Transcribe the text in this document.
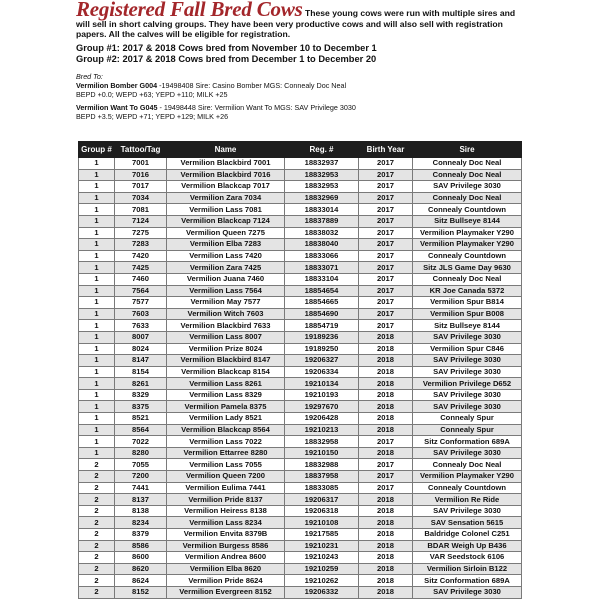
Registered Fall Bred Cows These young cows were run with multiple sires and will sell in short calving groups. They have been very productive cows and will also sell with registration papers. All the calves will be eligible for registration.
Group #1: 2017 & 2018 Cows bred from November 10 to December 1
Group #2: 2017 & 2018 Cows bred from December 1 to December 20
Bred To:
Vermilion Bomber G004 -19498408 Sire: Casino Bomber MGS: Connealy Doc Neal
BEPD +0.0; WEPD +63; YEPD +110; MILK +25
Vermilion Want To G045 - 19498448 Sire: Vermilion Want To MGS: SAV Privilege 3030
BEPD +3.5; WEPD +71; YEPD +129; MILK +26
Group #	Tattoo/Tag	Name	Reg. #	Birth Year	Sire
1	7001	Vermilion Blackbird 7001	18832937	2017	Connealy Doc Neal
1	7016	Vermilion Blackbird 7016	18832953	2017	Connealy Doc Neal
1	7017	Vermilion Blackcap 7017	18832953	2017	SAV Privilege 3030
1	7034	Vermilion Zara 7034	18832969	2017	Connealy Doc Neal
1	7081	Vermilion Lass 7081	18833014	2017	Connealy Countdown
1	7124	Vermilion Blackcap 7124	18837889	2017	Sitz Bullseye 8144
1	7275	Vermilion Queen 7275	18838032	2017	Vermilion Playmaker Y290
1	7283	Vermilion Elba 7283	18838040	2017	Vermilion Playmaker Y290
1	7420	Vermilion Lass 7420	18833066	2017	Connealy Countdown
1	7425	Vermilion Zara 7425	18833071	2017	Sitz JLS Game Day 9630
1	7460	Vermilion Juana 7460	18833104	2017	Connealy Doc Neal
1	7564	Vermilion Lass 7564	18854654	2017	KR Joe Canada 5372
1	7577	Vermilion May 7577	18854665	2017	Vermilion Spur B814
1	7603	Vermilion Witch 7603	18854690	2017	Vermilion Spur B008
1	7633	Vermilion Blackbird 7633	18854719	2017	Sitz Bullseye 8144
1	8007	Vermilion Lass 8007	19189236	2018	SAV Privilege 3030
1	8024	Vermilion Prize 8024	19189250	2018	Vermilion Spur C846
1	8147	Vermilion Blackbird 8147	19206327	2018	SAV Privilege 3030
1	8154	Vermilion Blackcap 8154	19206334	2018	SAV Privilege 3030
1	8261	Vermilion Lass 8261	19210134	2018	Vermilion Privilege D652
1	8329	Vermilion Lass 8329	19210193	2018	SAV Privilege 3030
1	8375	Vermilion Pamela 8375	19297670	2018	SAV Privilege 3030
1	8521	Vermilion Lady 8521	19206428	2018	Connealy Spur
1	8564	Vermilion Blackcap 8564	19210213	2018	Connealy Spur
1	7022	Vermilion Lass 7022	18832958	2017	Sitz Conformation 689A
1	8280	Vermilion Ettarree 8280	19210150	2018	SAV Privilege 3030
2	7055	Vermilion Lass 7055	18832988	2017	Connealy Doc Neal
2	7200	Vermilion Queen 7200	18837958	2017	Vermilion Playmaker Y290
2	7441	Vermilion Eulima 7441	18833085	2017	Connealy Countdown
2	8137	Vermilion Pride 8137	19206317	2018	Vermilion Re Ride
2	8138	Vermilion Heiress 8138	19206318	2018	SAV Privilege 3030
2	8234	Vermilion Lass 8234	19210108	2018	SAV Sensation 5615
2	8379	Vermilion Envita 8379B	19217585	2018	Baldridge Colonel C251
2	8586	Vermilion Burgess 8586	19210231	2018	BDAR Weigh Up B436
2	8600	Vermilion Andrea 8600	19210243	2018	VAR Seedstock 6106
2	8620	Vermilion Elba 8620	19210259	2018	Vermilion Sirloin B122
2	8624	Vermilion Pride 8624	19210262	2018	Sitz Conformation 689A
2	8152	Vermilion Evergreen 8152	19206332	2018	SAV Privilege 3030
